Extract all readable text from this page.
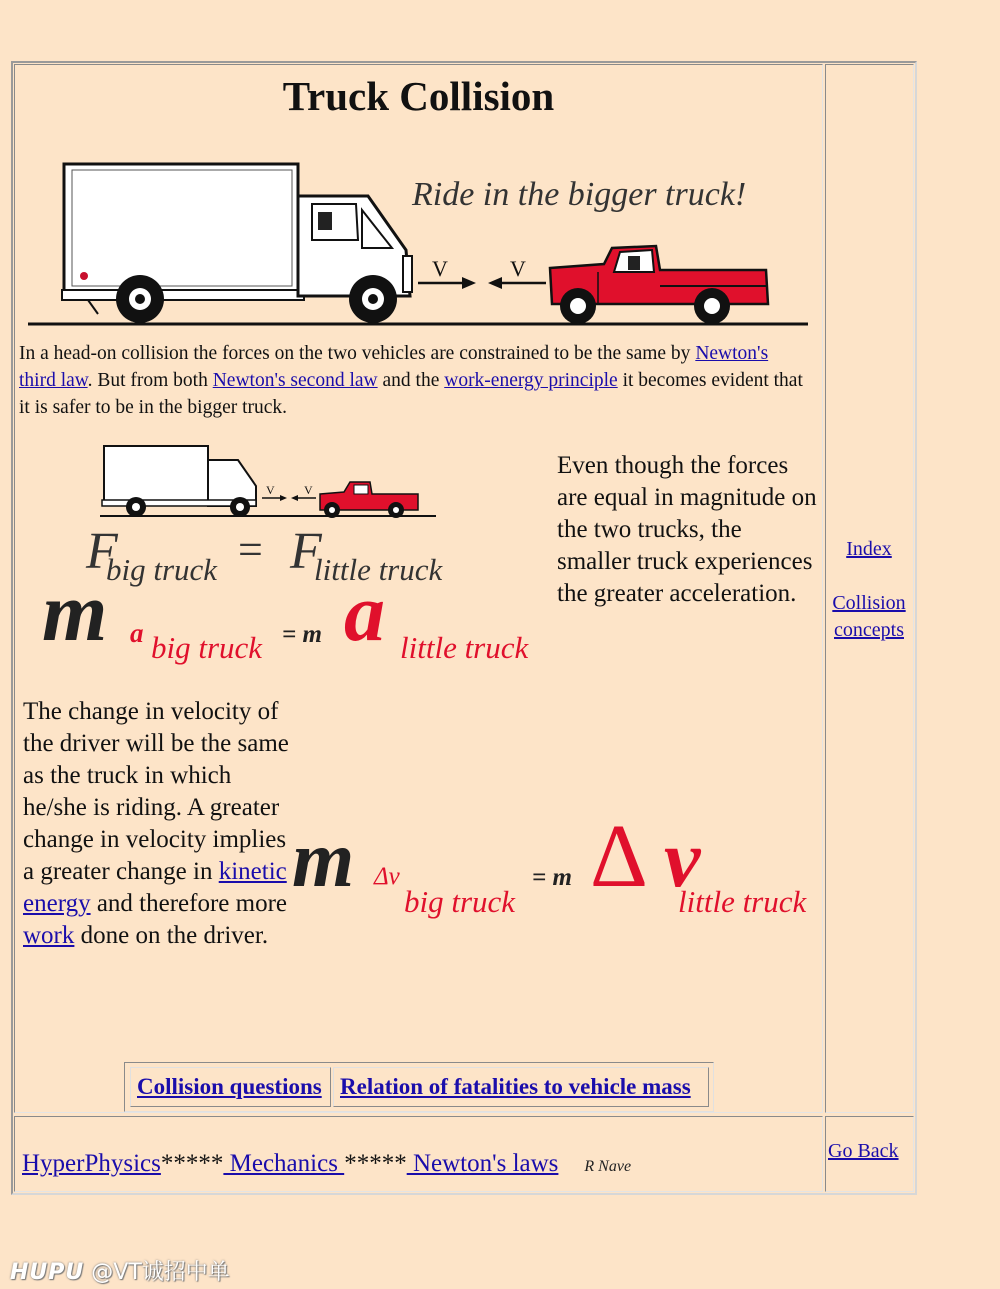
Truck Collision
Ride in the bigger truck!
V	V
In a head-on collision the forces on the two vehicles are constrained to be the same by Newton's third law. But from both Newton's second law and the work-energy principle it becomes evident that it is safer to be in the bigger truck.
V V
F
big truck = F
little truck
m a big truck = m a little truck
Even though the forces are equal in magnitude on the two trucks, the smaller truck experiences the greater acceleration.
The change in velocity of the driver will be the same as the truck in which he/she is riding. A greater change in velocity implies a greater change in kinetic energy and therefore more work done on the driver.
m Δv
big truck
= m Δ v
little truck
Collision questions Relation of fatalities to vehicle mass
Index
Collision concepts
HyperPhysics***** Mechanics ***** Newton's laws R Nave
Go Back
HUPU @VT诚招中单
